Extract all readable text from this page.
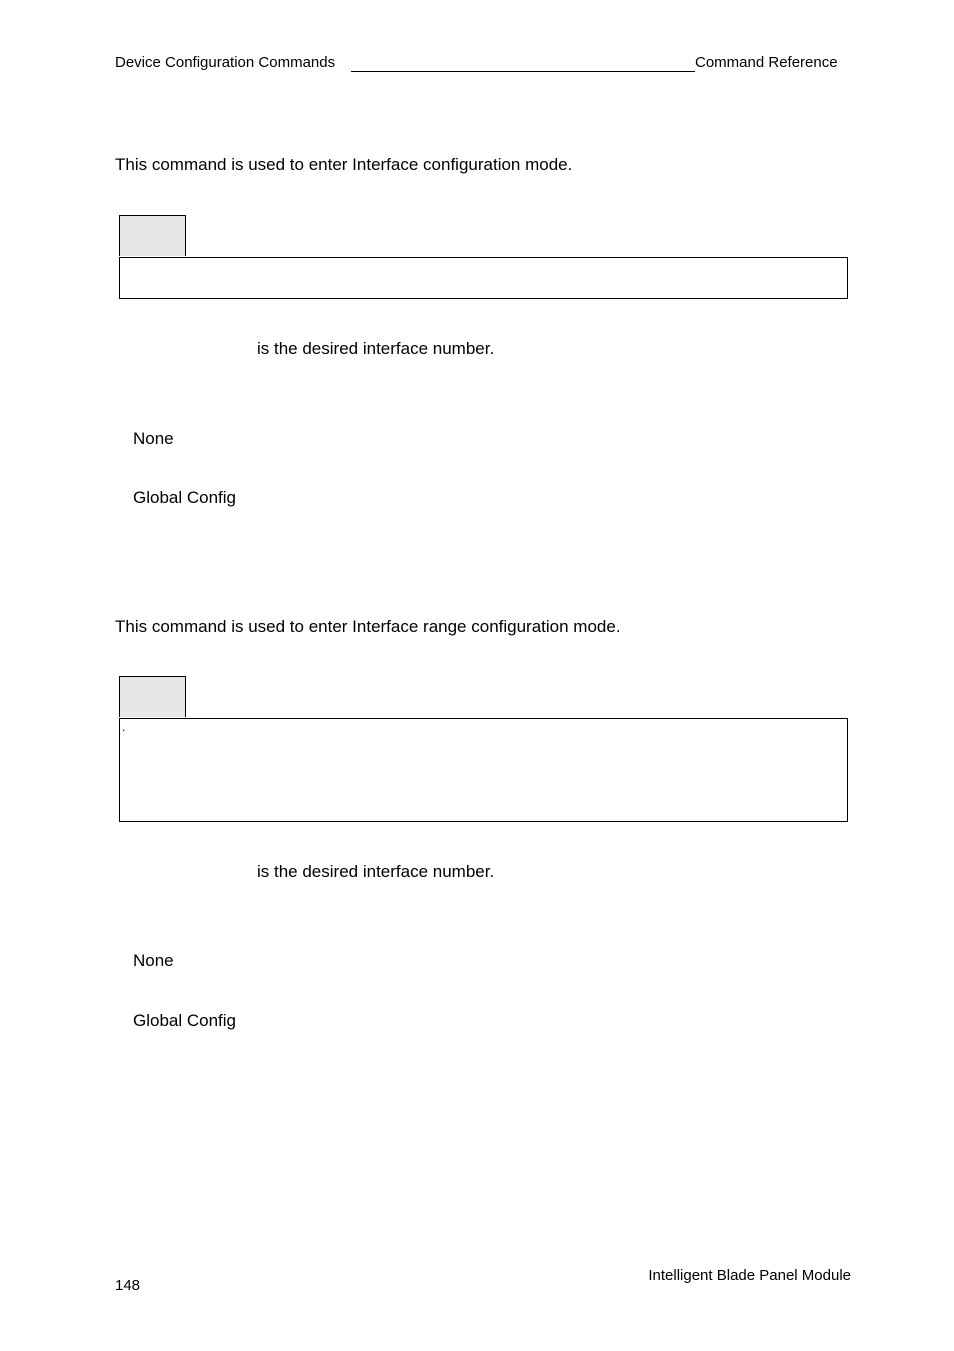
Device Configuration Commands	Command Reference
This command is used to enter Interface configuration mode.
is the desired interface number.
None
Global Config
This command is used to enter Interface range configuration mode.
.
is the desired interface number.
None
Global Config
148
Intelligent Blade Panel Module
